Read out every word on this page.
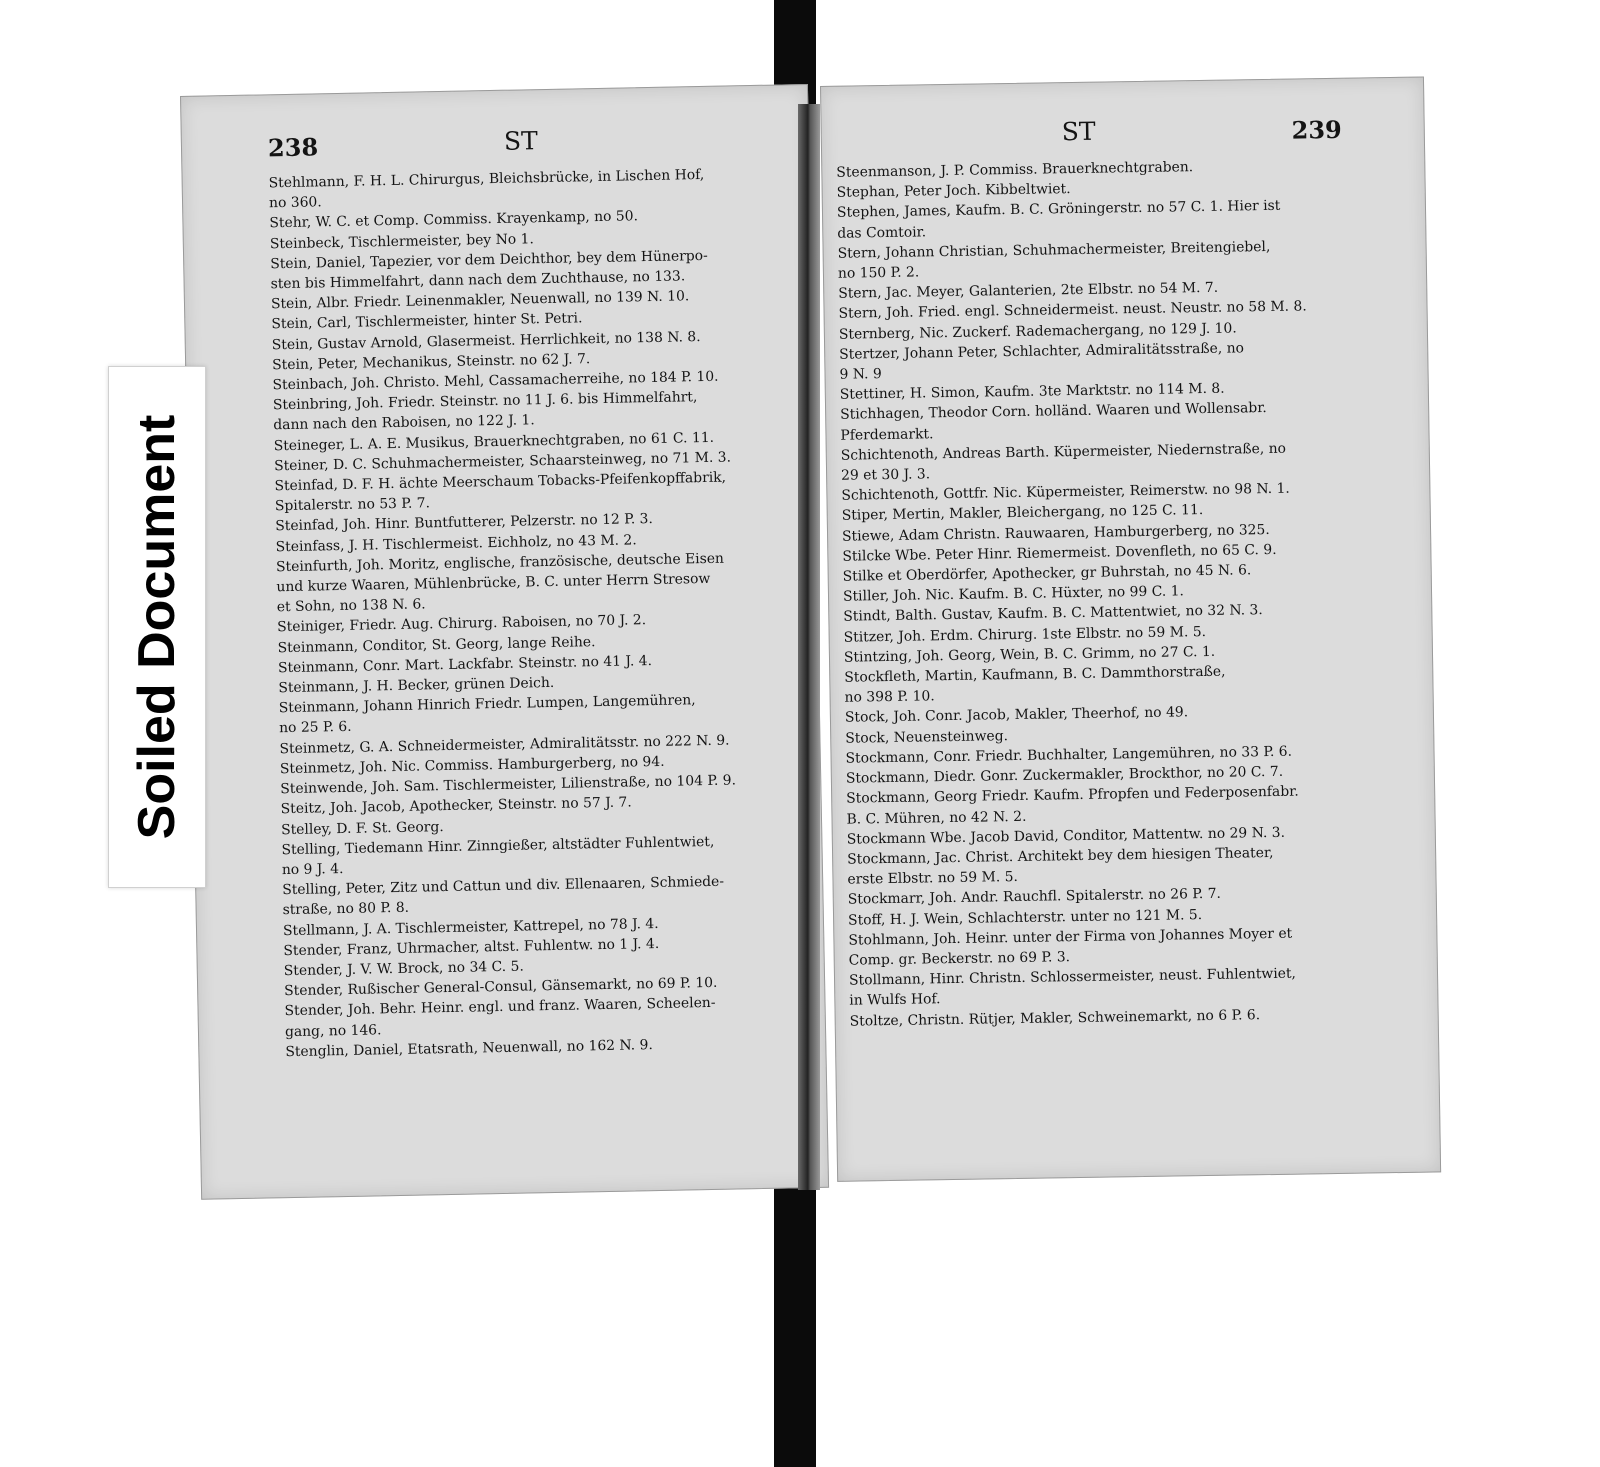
238	ST
Stehlmann, F. H. L. Chirurgus, Bleichsbrücke, in Lischen Hof,
no 360.
Stehr, W. C. et Comp. Commiss. Krayenkamp, no 50.
Steinbeck, Tischlermeister, bey No 1.
Stein, Daniel, Tapezier, vor dem Deichthor, bey dem Hünerpo-
sten bis Himmelfahrt, dann nach dem Zuchthause, no 133.
Stein, Albr. Friedr. Leinenmakler, Neuenwall, no 139 N. 10.
Stein, Carl, Tischlermeister, hinter St. Petri.
Stein, Gustav Arnold, Glasermeist. Herrlichkeit, no 138 N. 8.
Stein, Peter, Mechanikus, Steinstr. no 62 J. 7.
Steinbach, Joh. Christo. Mehl, Cassamacherreihe, no 184 P. 10.
Steinbring, Joh. Friedr. Steinstr. no 11 J. 6. bis Himmelfahrt,
dann nach den Raboisen, no 122 J. 1.
Steineger, L. A. E. Musikus, Brauerknechtgraben, no 61 C. 11.
Steiner, D. C. Schuhmachermeister, Schaarsteinweg, no 71 M. 3.
Steinfad, D. F. H. ächte Meerschaum Tobacks-Pfeifenkopffabrik,
Spitalerstr. no 53 P. 7.
Steinfad, Joh. Hinr. Buntfutterer, Pelzerstr. no 12 P. 3.
Steinfass, J. H. Tischlermeist. Eichholz, no 43 M. 2.
Steinfurth, Joh. Moritz, englische, französische, deutsche Eisen
und kurze Waaren, Mühlenbrücke, B. C. unter Herrn Stresow
et Sohn, no 138 N. 6.
Steiniger, Friedr. Aug. Chirurg. Raboisen, no 70 J. 2.
Steinmann, Conditor, St. Georg, lange Reihe.
Steinmann, Conr. Mart. Lackfabr. Steinstr. no 41 J. 4.
Steinmann, J. H. Becker, grünen Deich.
Steinmann, Johann Hinrich Friedr. Lumpen, Langemühren,
no 25 P. 6.
Steinmetz, G. A. Schneidermeister, Admiralitätsstr. no 222 N. 9.
Steinmetz, Joh. Nic. Commiss. Hamburgerberg, no 94.
Steinwende, Joh. Sam. Tischlermeister, Lilienstraße, no 104 P. 9.
Steitz, Joh. Jacob, Apothecker, Steinstr. no 57 J. 7.
Stelley, D. F. St. Georg.
Stelling, Tiedemann Hinr. Zinngießer, altstädter Fuhlentwiet,
no 9 J. 4.
Stelling, Peter, Zitz und Cattun und div. Ellenaaren, Schmiede-
straße, no 80 P. 8.
Stellmann, J. A. Tischlermeister, Kattrepel, no 78 J. 4.
Stender, Franz, Uhrmacher, altst. Fuhlentw. no 1 J. 4.
Stender, J. V. W. Brock, no 34 C. 5.
Stender, Rußischer General-Consul, Gänsemarkt, no 69 P. 10.
Stender, Joh. Behr. Heinr. engl. und franz. Waaren, Scheelen-
gang, no 146.
Stenglin, Daniel, Etatsrath, Neuenwall, no 162 N. 9.
ST	239
Steenmanson, J. P. Commiss. Brauerknechtgraben.
Stephan, Peter Joch. Kibbeltwiet.
Stephen, James, Kaufm. B. C. Gröningerstr. no 57 C. 1. Hier ist
das Comtoir.
Stern, Johann Christian, Schuhmachermeister, Breitengiebel,
no 150 P. 2.
Stern, Jac. Meyer, Galanterien, 2te Elbstr. no 54 M. 7.
Stern, Joh. Fried. engl. Schneidermeist. neust. Neustr. no 58 M. 8.
Sternberg, Nic. Zuckerf. Rademachergang, no 129 J. 10.
Stertzer, Johann Peter, Schlachter, Admiralitätsstraße, no
9 N. 9
Stettiner, H. Simon, Kaufm. 3te Marktstr. no 114 M. 8.
Stichhagen, Theodor Corn. holländ. Waaren und Wollensabr.
Pferdemarkt.
Schichtenoth, Andreas Barth. Küpermeister, Niedernstraße, no
29 et 30 J. 3.
Schichtenoth, Gottfr. Nic. Küpermeister, Reimerstw. no 98 N. 1.
Stiper, Mertin, Makler, Bleichergang, no 125 C. 11.
Stiewe, Adam Christn. Rauwaaren, Hamburgerberg, no 325.
Stilcke Wbe. Peter Hinr. Riemermeist. Dovenfleth, no 65 C. 9.
Stilke et Oberdörfer, Apothecker, gr Buhrstah, no 45 N. 6.
Stiller, Joh. Nic. Kaufm. B. C. Hüxter, no 99 C. 1.
Stindt, Balth. Gustav, Kaufm. B. C. Mattentwiet, no 32 N. 3.
Stitzer, Joh. Erdm. Chirurg. 1ste Elbstr. no 59 M. 5.
Stintzing, Joh. Georg, Wein, B. C. Grimm, no 27 C. 1.
Stockfleth, Martin, Kaufmann, B. C. Dammthorstraße,
no 398 P. 10.
Stock, Joh. Conr. Jacob, Makler, Theerhof, no 49.
Stock, Neuensteinweg.
Stockmann, Conr. Friedr. Buchhalter, Langemühren, no 33 P. 6.
Stockmann, Diedr. Gonr. Zuckermakler, Brockthor, no 20 C. 7.
Stockmann, Georg Friedr. Kaufm. Pfropfen und Federposenfabr.
B. C. Mühren, no 42 N. 2.
Stockmann Wbe. Jacob David, Conditor, Mattentw. no 29 N. 3.
Stockmann, Jac. Christ. Architekt bey dem hiesigen Theater,
erste Elbstr. no 59 M. 5.
Stockmarr, Joh. Andr. Rauchfl. Spitalerstr. no 26 P. 7.
Stoff, H. J. Wein, Schlachterstr. unter no 121 M. 5.
Stohlmann, Joh. Heinr. unter der Firma von Johannes Moyer et
Comp. gr. Beckerstr. no 69 P. 3.
Stollmann, Hinr. Christn. Schlossermeister, neust. Fuhlentwiet,
in Wulfs Hof.
Stoltze, Christn. Rütjer, Makler, Schweinemarkt, no 6 P. 6.
Soiled Document
